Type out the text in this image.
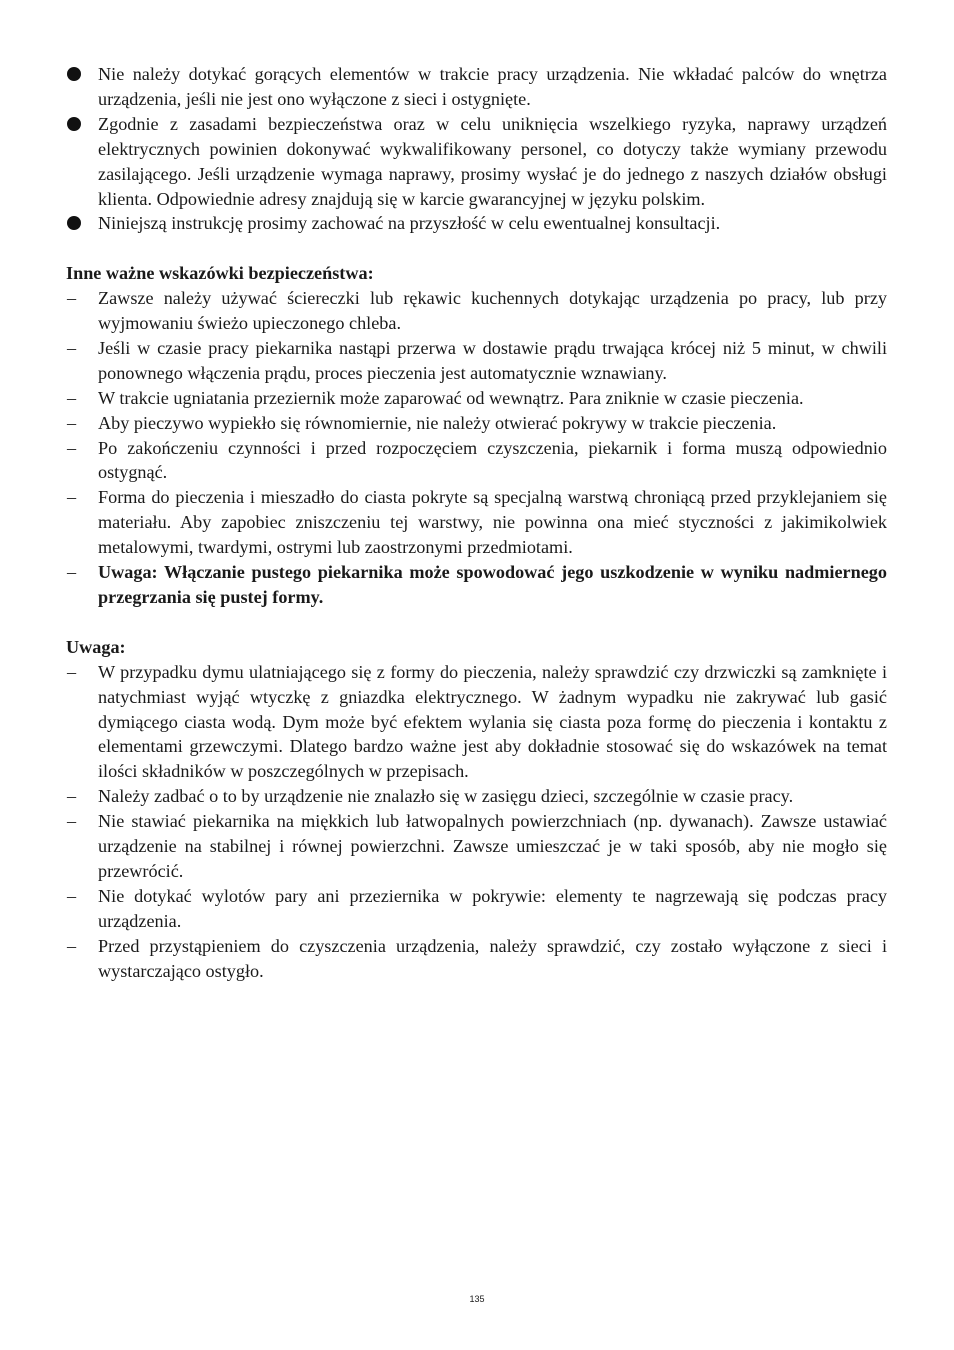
Nie należy dotykać gorących elementów w trakcie pracy urządzenia. Nie wkładać palców do wnętrza urządzenia, jeśli nie jest ono wyłączone z sieci i ostygnięte.
Zgodnie z zasadami bezpieczeństwa oraz w celu uniknięcia wszelkiego ryzyka, naprawy urządzeń elektrycznych powinien dokonywać wykwalifikowany personel, co dotyczy także wymiany przewodu zasilającego. Jeśli urządzenie wymaga naprawy, prosimy wysłać je do jednego z naszych działów obsługi klienta. Odpowiednie adresy znajdują się w karcie gwarancyjnej w języku polskim.
Niniejszą instrukcję prosimy zachować na przyszłość w celu ewentualnej konsultacji.
Inne ważne wskazówki bezpieczeństwa:
–	Zawsze należy używać ściereczki lub rękawic kuchennych dotykając urządzenia po pracy, lub przy wyjmowaniu świeżo upieczonego chleba.
–	Jeśli w czasie pracy piekarnika nastąpi przerwa w dostawie prądu trwająca krócej niż 5 minut, w chwili ponownego włączenia prądu, proces pieczenia jest automatycznie wznawiany.
–	W trakcie ugniatania przeziernik może zaparować od wewnątrz. Para zniknie w czasie pieczenia.
–	Aby pieczywo wypiekło się równomiernie, nie należy otwierać pokrywy w trakcie pieczenia.
–	Po zakończeniu czynności i przed rozpoczęciem czyszczenia, piekarnik i forma muszą odpowiednio ostygnąć.
–	Forma do pieczenia i mieszadło do ciasta pokryte są specjalną warstwą chroniącą przed przyklejaniem się materiału. Aby zapobiec zniszczeniu tej warstwy, nie powinna ona mieć styczności z jakimikolwiek metalowymi, twardymi, ostrymi lub zaostrzonymi przedmiotami.
–	Uwaga: Włączanie pustego piekarnika może spowodować jego uszkodzenie w wyniku nadmiernego przegrzania się pustej formy.
Uwaga:
–	W przypadku dymu ulatniającego się z formy do pieczenia, należy sprawdzić czy drzwiczki są zamknięte i natychmiast wyjąć wtyczkę z gniazdka elektrycznego. W żadnym wypadku nie zakrywać lub gasić dymiącego ciasta wodą. Dym może być efektem wylania się ciasta poza formę do pieczenia i kontaktu z elementami grzewczymi. Dlatego bardzo ważne jest aby dokładnie stosować się do wskazówek na temat ilości składników w poszczególnych w przepisach.
–	Należy zadbać o to by urządzenie nie znalazło się w zasięgu dzieci, szczególnie w czasie pracy.
–	Nie stawiać piekarnika na miękkich lub łatwopalnych powierzchniach (np. dywanach). Zawsze ustawiać urządzenie na stabilnej i równej powierzchni. Zawsze umieszczać je w taki sposób, aby nie mogło się przewrócić.
–	Nie dotykać wylotów pary ani przeziernika w pokrywie: elementy te nagrzewają się podczas pracy urządzenia.
–	Przed przystąpieniem do czyszczenia urządzenia, należy sprawdzić, czy zostało wyłączone z sieci i wystarczająco ostygło.
135
